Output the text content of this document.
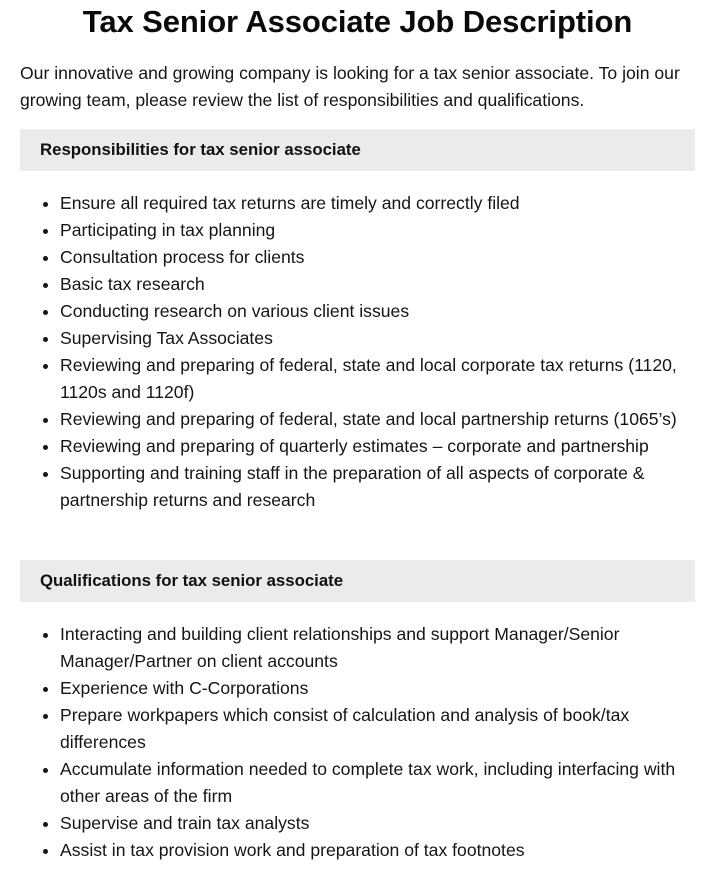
Tax Senior Associate Job Description

Our innovative and growing company is looking for a tax senior associate. To join our growing team, please review the list of responsibilities and qualifications.

Responsibilities for tax senior associate
• Ensure all required tax returns are timely and correctly filed
• Participating in tax planning
• Consultation process for clients
• Basic tax research
• Conducting research on various client issues
• Supervising Tax Associates
• Reviewing and preparing of federal, state and local corporate tax returns (1120, 1120s and 1120f)
• Reviewing and preparing of federal, state and local partnership returns (1065’s)
• Reviewing and preparing of quarterly estimates – corporate and partnership
• Supporting and training staff in the preparation of all aspects of corporate & partnership returns and research
Qualifications for tax senior associate
• Interacting and building client relationships and support Manager/Senior Manager/Partner on client accounts
• Experience with C-Corporations
• Prepare workpapers which consist of calculation and analysis of book/tax differences
• Accumulate information needed to complete tax work, including interfacing with other areas of the firm
• Supervise and train tax analysts
• Assist in tax provision work and preparation of tax footnotes
